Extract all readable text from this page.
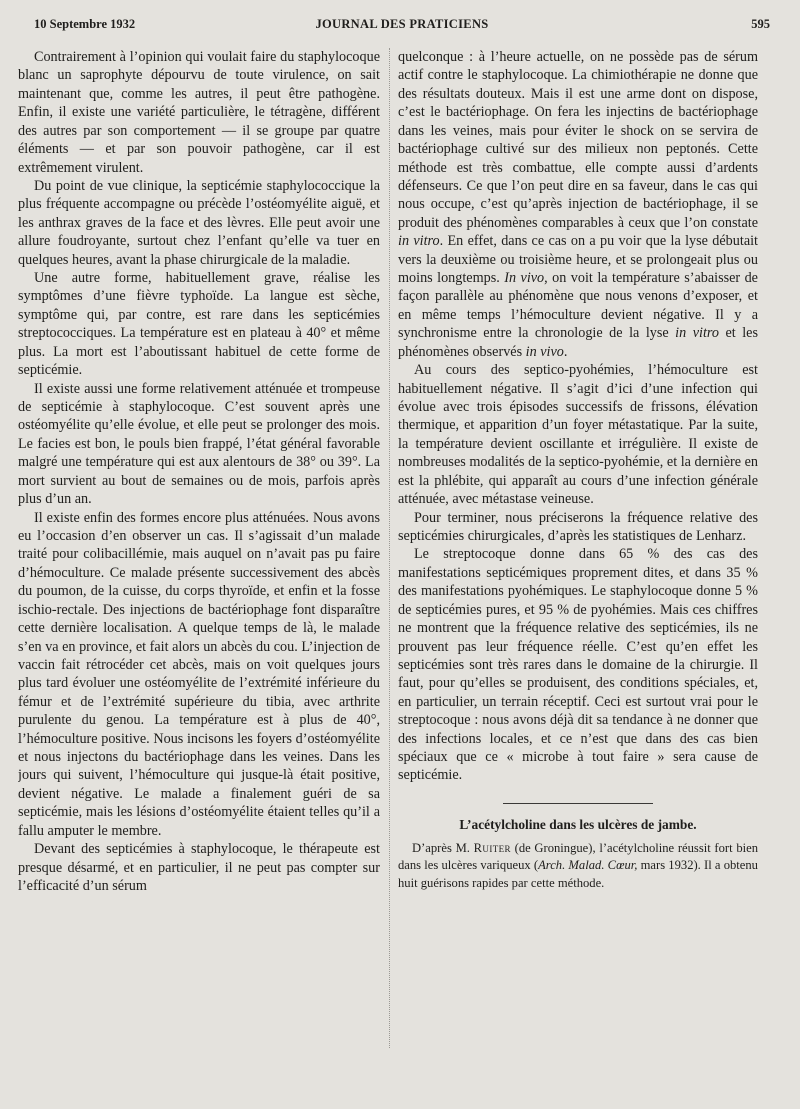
10 Septembre 1932	JOURNAL DES PRATICIENS	595

Contrairement à l’opinion qui voulait faire du staphylocoque blanc un saprophyte dépourvu de toute virulence, on sait maintenant que, comme les autres, il peut être pathogène. Enfin, il existe une variété particulière, le tétragène, différent des autres par son comportement — il se groupe par quatre éléments — et par son pouvoir pathogène, car il est extrêmement virulent.

Du point de vue clinique, la septicémie staphylococcique la plus fréquente accompagne ou précède l’ostéomyélite aiguë, et les anthrax graves de la face et des lèvres. Elle peut avoir une allure foudroyante, surtout chez l’enfant qu’elle va tuer en quelques heures, avant la phase chirurgicale de la maladie.

Une autre forme, habituellement grave, réalise les symptômes d’une fièvre typhoïde. La langue est sèche, symptôme qui, par contre, est rare dans les septicémies streptococciques. La température est en plateau à 40° et même plus. La mort est l’aboutissant habituel de cette forme de septicémie.

Il existe aussi une forme relativement atténuée et trompeuse de septicémie à staphylocoque. C’est souvent après une ostéomyélite qu’elle évolue, et elle peut se prolonger des mois. Le facies est bon, le pouls bien frappé, l’état général favorable malgré une température qui est aux alentours de 38° ou 39°. La mort survient au bout de semaines ou de mois, parfois après plus d’un an.

Il existe enfin des formes encore plus atténuées. Nous avons eu l’occasion d’en observer un cas. Il s’agissait d’un malade traité pour colibacillémie, mais auquel on n’avait pas pu faire d’hémoculture. Ce malade présente successivement des abcès du poumon, de la cuisse, du corps thyroïde, et enfin et la fosse ischio-rectale. Des injections de bactériophage font disparaître cette dernière localisation. A quelque temps de là, le malade s’en va en province, et fait alors un abcès du cou. L’injection de vaccin fait rétrocéder cet abcès, mais on voit quelques jours plus tard évoluer une ostéomyélite de l’extrémité inférieure du fémur et de l’extrémité supérieure du tibia, avec arthrite purulente du genou. La température est à plus de 40°, l’hémoculture positive. Nous incisons les foyers d’ostéomyélite et nous injectons du bactériophage dans les veines. Dans les jours qui suivent, l’hémoculture qui jusque-là était positive, devient négative. Le malade a finalement guéri de sa septicémie, mais les lésions d’ostéomyélite étaient telles qu’il a fallu amputer le membre.

Devant des septicémies à staphylocoque, le thérapeute est presque désarmé, et en particulier, il ne peut pas compter sur l’efficacité d’un sérum

quelconque : à l’heure actuelle, on ne possède pas de sérum actif contre le staphylocoque. La chimiothérapie ne donne que des résultats douteux. Mais il est une arme dont on dispose, c’est le bactériophage. On fera les injectins de bactériophage dans les veines, mais pour éviter le shock on se servira de bactériophage cultivé sur des milieux non peptonés. Cette méthode est très combattue, elle compte aussi d’ardents défenseurs. Ce que l’on peut dire en sa faveur, dans le cas qui nous occupe, c’est qu’après injection de bactériophage, il se produit des phénomènes comparables à ceux que l’on constate in vitro. En effet, dans ce cas on a pu voir que la lyse débutait vers la deuxième ou troisième heure, et se prolongeait plus ou moins longtemps. In vivo, on voit la température s’abaisser de façon parallèle au phénomène que nous venons d’exposer, et en même temps l’hémoculture devient négative. Il y a synchronisme entre la chronologie de la lyse in vitro et les phénomènes observés in vivo.

Au cours des septico-pyohémies, l’hémoculture est habituellement négative. Il s’agit d’ici d’une infection qui évolue avec trois épisodes successifs de frissons, élévation thermique, et apparition d’un foyer métastatique. Par la suite, la température devient oscillante et irrégulière. Il existe de nombreuses modalités de la septico-pyohémie, et la dernière en est la phlébite, qui apparaît au cours d’une infection générale atténuée, avec métastase veineuse.

Pour terminer, nous préciserons la fréquence relative des septicémies chirurgicales, d’après les statistiques de Lenharz.

Le streptocoque donne dans 65 % des cas des manifestations septicémiques proprement dites, et dans 35 % des manifestations pyohémiques. Le staphylocoque donne 5 % de septicémies pures, et 95 % de pyohémies. Mais ces chiffres ne montrent que la fréquence relative des septicémies, ils ne prouvent pas leur fréquence réelle. C’est qu’en effet les septicémies sont très rares dans le domaine de la chirurgie. Il faut, pour qu’elles se produisent, des conditions spéciales, et, en particulier, un terrain réceptif. Ceci est surtout vrai pour le streptocoque : nous avons déjà dit sa tendance à ne donner que des infections locales, et ce n’est que dans des cas bien spéciaux que ce « microbe à tout faire » sera cause de septicémie.

L’acétylcholine dans les ulcères de jambe.

D’après M. Ruiter (de Groningue), l’acétylcholine réussit fort bien dans les ulcères variqueux (Arch. Malad. Cœur, mars 1932). Il a obtenu huit guérisons rapides par cette méthode.
